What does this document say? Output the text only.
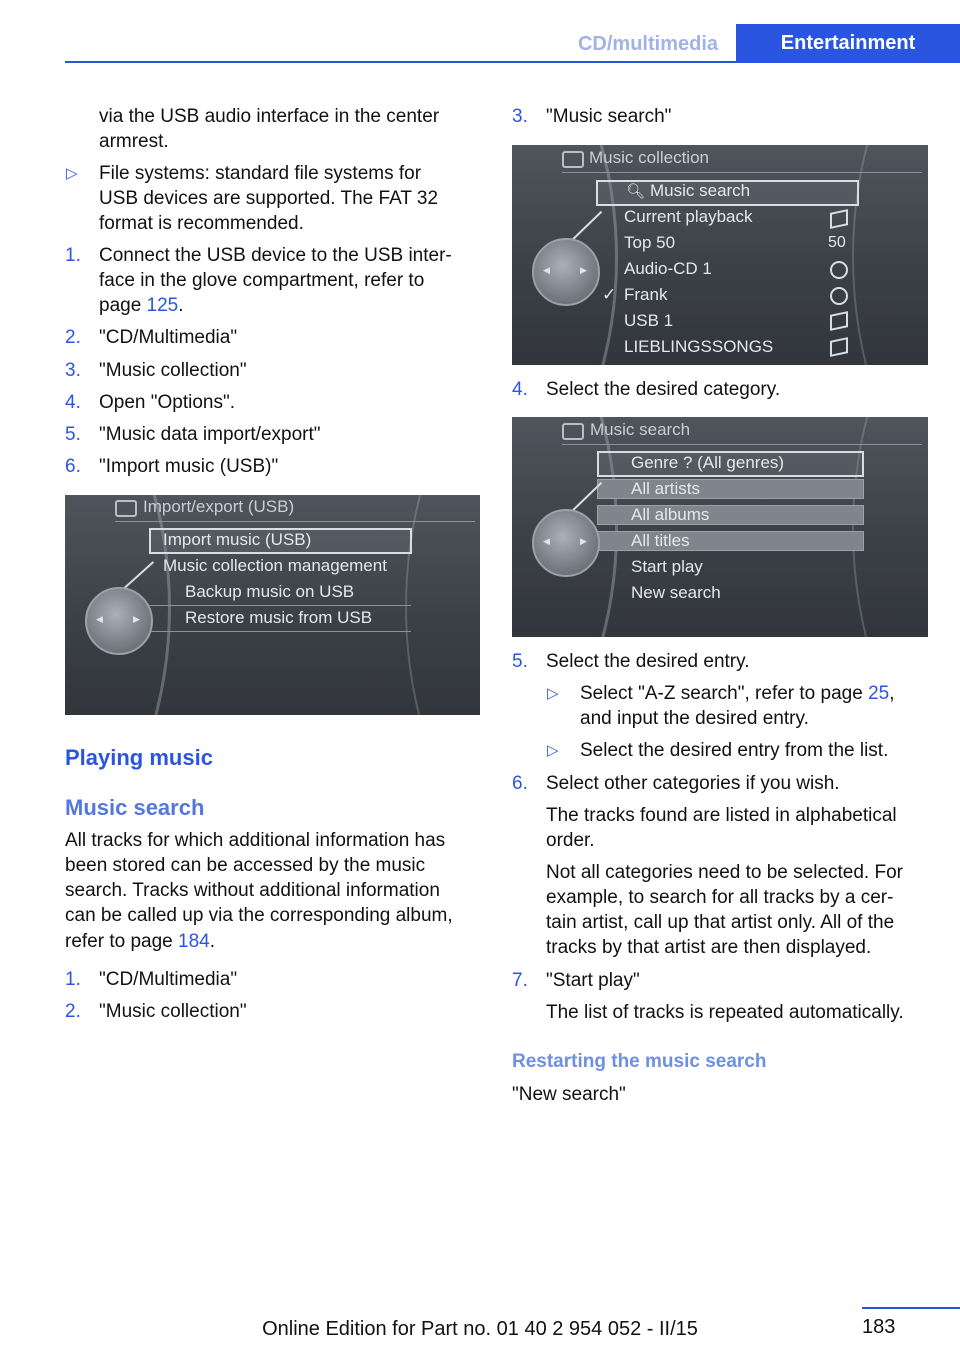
CD/multimedia	Entertainment
via the USB audio interface in the center
armrest.
▷ File systems: standard file systems for
USB devices are supported. The FAT 32
format is recommended.
1. Connect the USB device to the USB inter-
face in the glove compartment, refer to
page 125.
2. "CD/Multimedia"
3. "Music collection"
4. Open "Options".
5. "Music data import/export"
6. "Import music (USB)"
Import/export (USB)
Import music (USB)
Music collection management
Backup music on USB
Restore music from USB
◀	▶
Playing music
Music search
All tracks for which additional information has
been stored can be accessed by the music
search. Tracks without additional information
can be called up via the corresponding album,
refer to page 184.
1. "CD/Multimedia"
2. "Music collection"
3. "Music search"
Music collection
🔍︎ Music search
Current playback
Top 50
Audio-CD 1
✓ Frank
USB 1
LIEBLINGSSONGS
50
◀	▶
4. Select the desired category.
Music search
Genre ? (All genres)
All artists
All albums
All titles
Start play
New search
◀	▶
5. Select the desired entry.
▷ Select "A-Z search", refer to page 25,
and input the desired entry.
▷ Select the desired entry from the list.
6. Select other categories if you wish.
The tracks found are listed in alphabetical
order.
Not all categories need to be selected. For
example, to search for all tracks by a cer-
tain artist, call up that artist only. All of the
tracks by that artist are then displayed.
7. "Start play"
The list of tracks is repeated automatically.
Restarting the music search
"New search"
183
Online Edition for Part no. 01 40 2 954 052 - II/15
